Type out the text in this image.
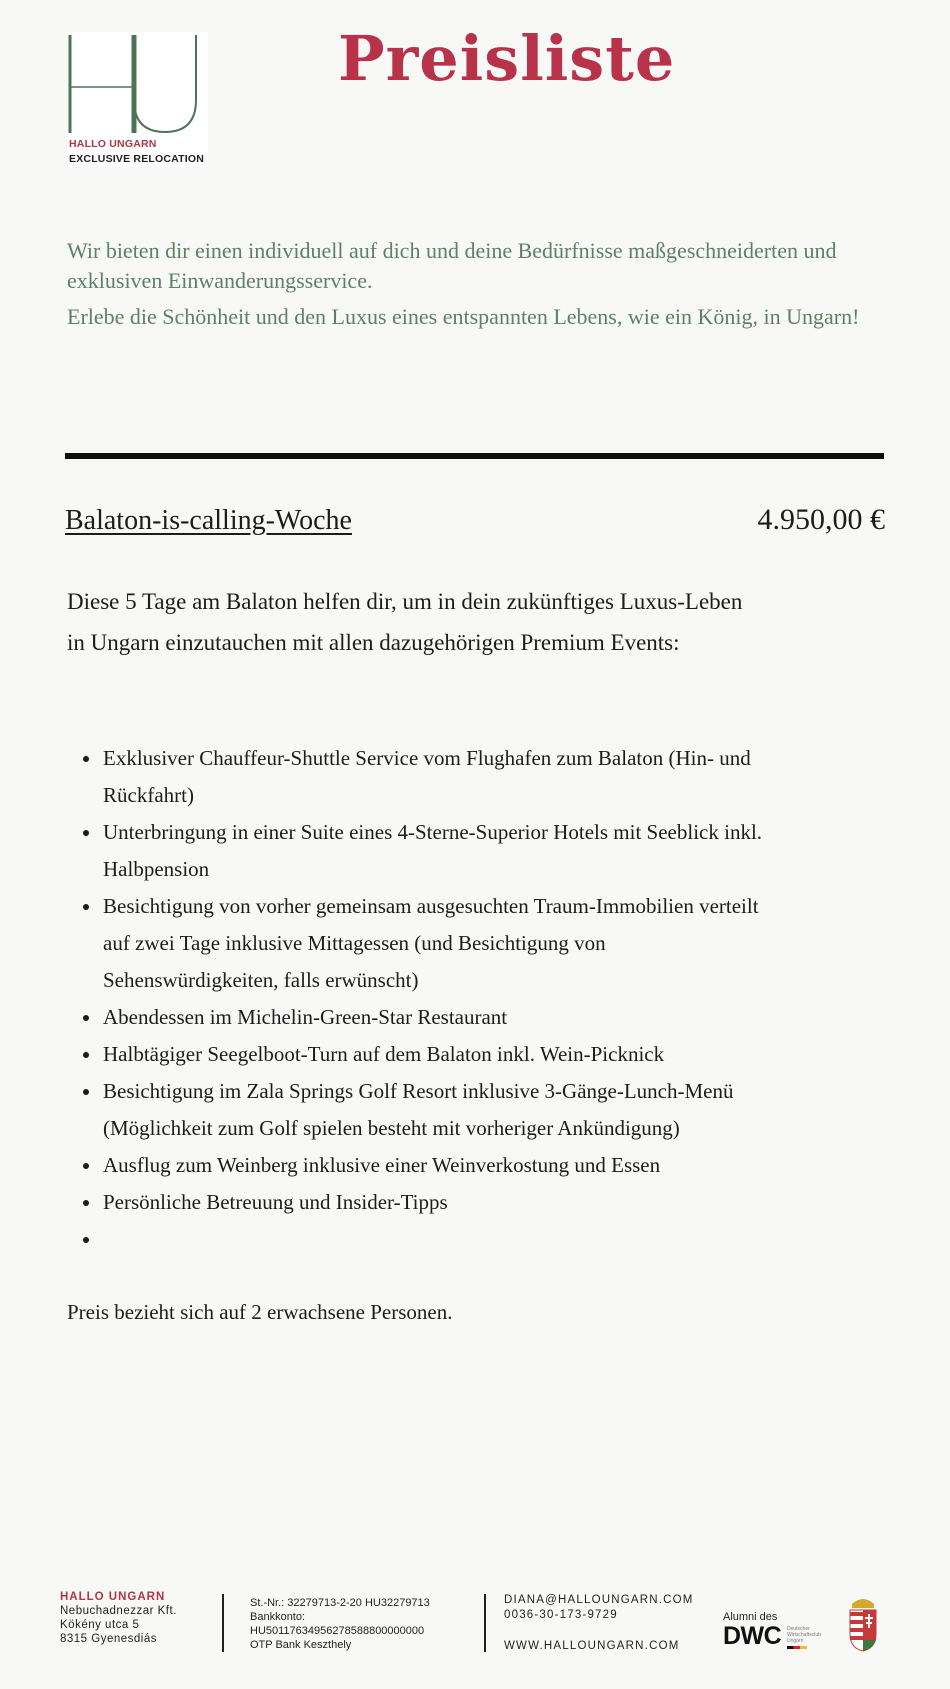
HALLO UNGARN
EXCLUSIVE RELOCATION
Preisliste

Wir bieten dir einen individuell auf dich und deine Bedürfnisse maßgeschneiderten und exklusiven Einwanderungsservice.

Erlebe die Schönheit und den Luxus eines entspannten Lebens, wie ein König, in Ungarn!

Balaton-is-calling-Woche	4.950,00 €

Diese 5 Tage am Balaton helfen dir, um in dein zukünftiges Luxus-Leben in Ungarn einzutauchen mit allen dazugehörigen Premium Events:

Exklusiver Chauffeur-Shuttle Service vom Flughafen zum Balaton (Hin- und Rückfahrt)
Unterbringung in einer Suite eines 4-Sterne-Superior Hotels mit Seeblick inkl. Halbpension
Besichtigung von vorher gemeinsam ausgesuchten Traum-Immobilien verteilt auf zwei Tage inklusive Mittagessen (und Besichtigung von Sehenswürdigkeiten, falls erwünscht)
Abendessen im Michelin-Green-Star Restaurant
Halbtägiger Seegelboot-Turn auf dem Balaton inkl. Wein-Picknick
Besichtigung im Zala Springs Golf Resort inklusive 3-Gänge-Lunch-Menü (Möglichkeit zum Golf spielen besteht mit vorheriger Ankündigung)
Ausflug zum Weinberg inklusive einer Weinverkostung und Essen
Persönliche Betreuung und Insider-Tipps

Preis bezieht sich auf 2 erwachsene Personen.

HALLO UNGARN
Nebuchadnezzar Kft.
Kökény utca 5
8315 Gyenesdiás
St.-Nr.: 32279713-2-20 HU32279713
Bankkonto:
HU50117634956278588800000000
OTP Bank Keszthely
DIANA@HALLOUNGARN.COM
0036-30-173-9729
WWW.HALLOUNGARN.COM
Alumni des
DWC Deutscher Wirtschaftsclub Ungarn
